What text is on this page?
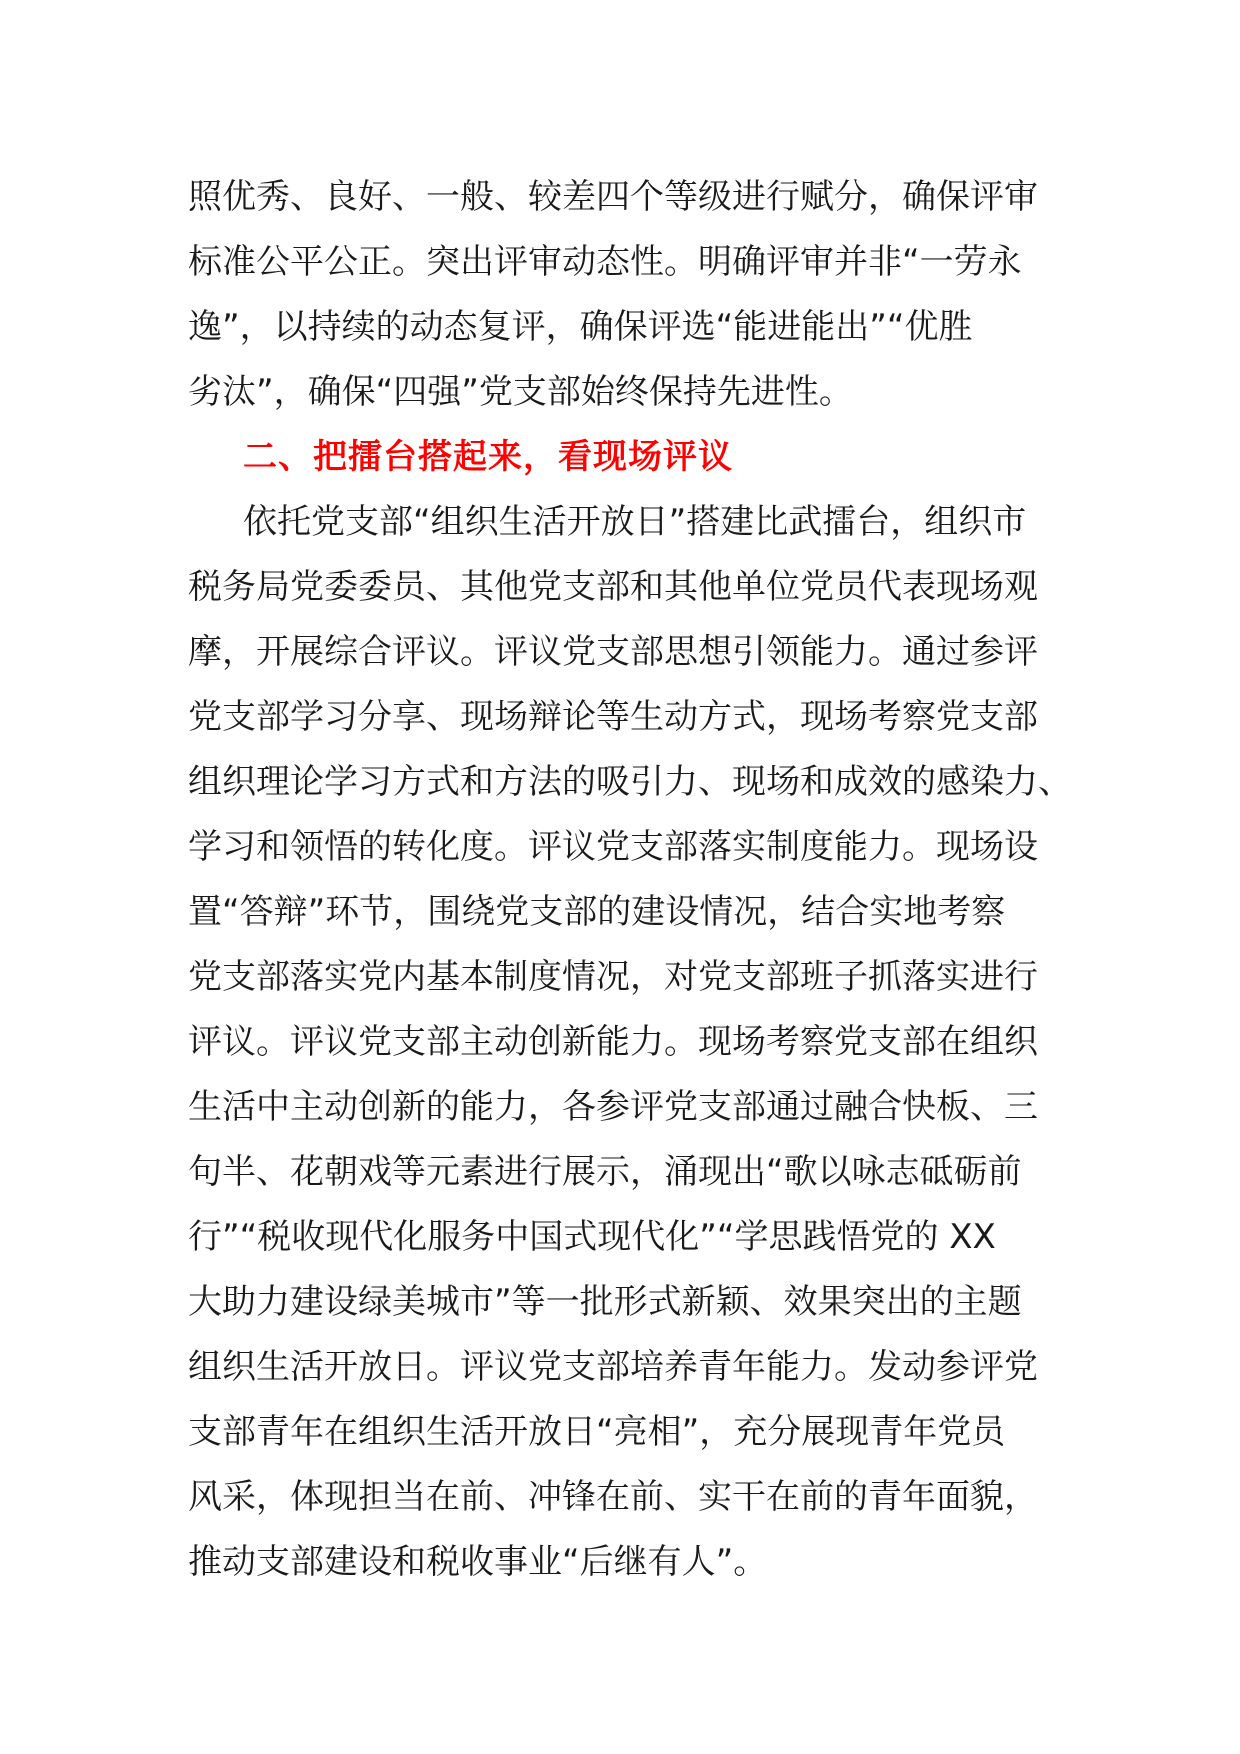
照优秀、良好、一般、较差四个等级进行赋分，确保评审
标准公平公正。突出评审动态性。明确评审并非“一劳永
逸”，以持续的动态复评，确保评选“能进能出”“优胜
劣汰”，确保“四强”党支部始终保持先进性。
二、把擂台搭起来，看现场评议
依托党支部“组织生活开放日”搭建比武擂台，组织市
税务局党委委员、其他党支部和其他单位党员代表现场观
摩，开展综合评议。评议党支部思想引领能力。通过参评
党支部学习分享、现场辩论等生动方式，现场考察党支部
组织理论学习方式和方法的吸引力、现场和成效的感染力、
学习和领悟的转化度。评议党支部落实制度能力。现场设
置“答辩”环节，围绕党支部的建设情况，结合实地考察
党支部落实党内基本制度情况，对党支部班子抓落实进行
评议。评议党支部主动创新能力。现场考察党支部在组织
生活中主动创新的能力，各参评党支部通过融合快板、三
句半、花朝戏等元素进行展示，涌现出“歌以咏志砥砺前
行”“税收现代化服务中国式现代化”“学思践悟党的 XX
大助力建设绿美城市”等一批形式新颖、效果突出的主题
组织生活开放日。评议党支部培养青年能力。发动参评党
支部青年在组织生活开放日“亮相”，充分展现青年党员
风采，体现担当在前、冲锋在前、实干在前的青年面貌，
推动支部建设和税收事业“后继有人”。
